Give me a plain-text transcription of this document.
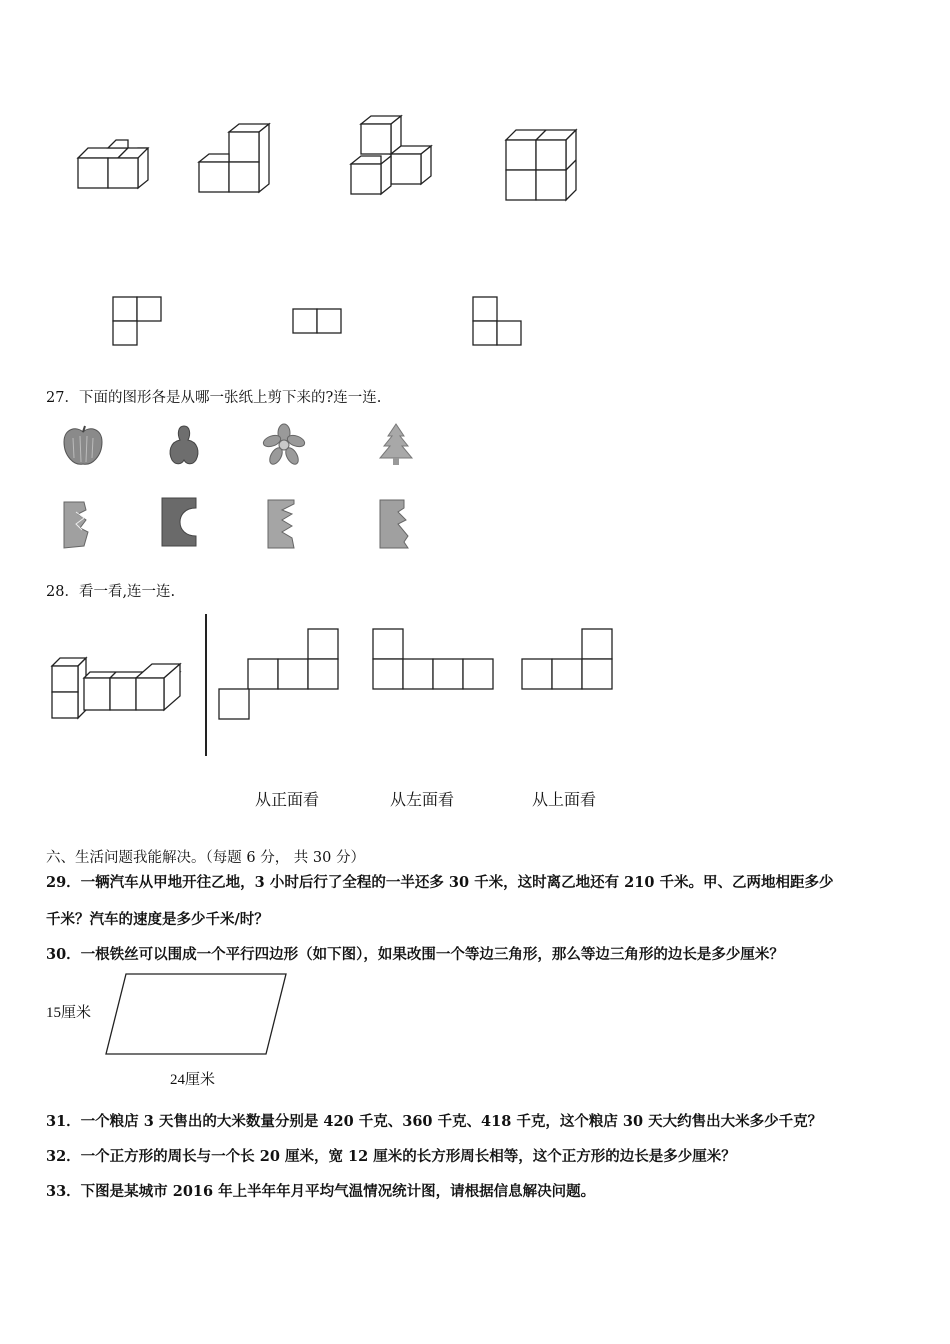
27．下面的图形各是从哪一张纸上剪下来的?连一连.
28．看一看,连一连.
从正面看	从左面看	从上面看
六、生活问题我能解决。（每题 6 分， 共 30 分）
29．一辆汽车从甲地开往乙地，3 小时后行了全程的一半还多 30 千米，这时离乙地还有 210 千米。甲、乙两地相距多少
千米？汽车的速度是多少千米/时？
30．一根铁丝可以围成一个平行四边形（如下图），如果改围一个等边三角形，那么等边三角形的边长是多少厘米？
15厘米
24厘米
31．一个粮店 3 天售出的大米数量分别是 420 千克、360 千克、418 千克，这个粮店 30 天大约售出大米多少千克？
32．一个正方形的周长与一个长 20 厘米，宽 12 厘米的长方形周长相等，这个正方形的边长是多少厘米？
33．下图是某城市 2016 年上半年年月平均气温情况统计图，请根据信息解决问题。
